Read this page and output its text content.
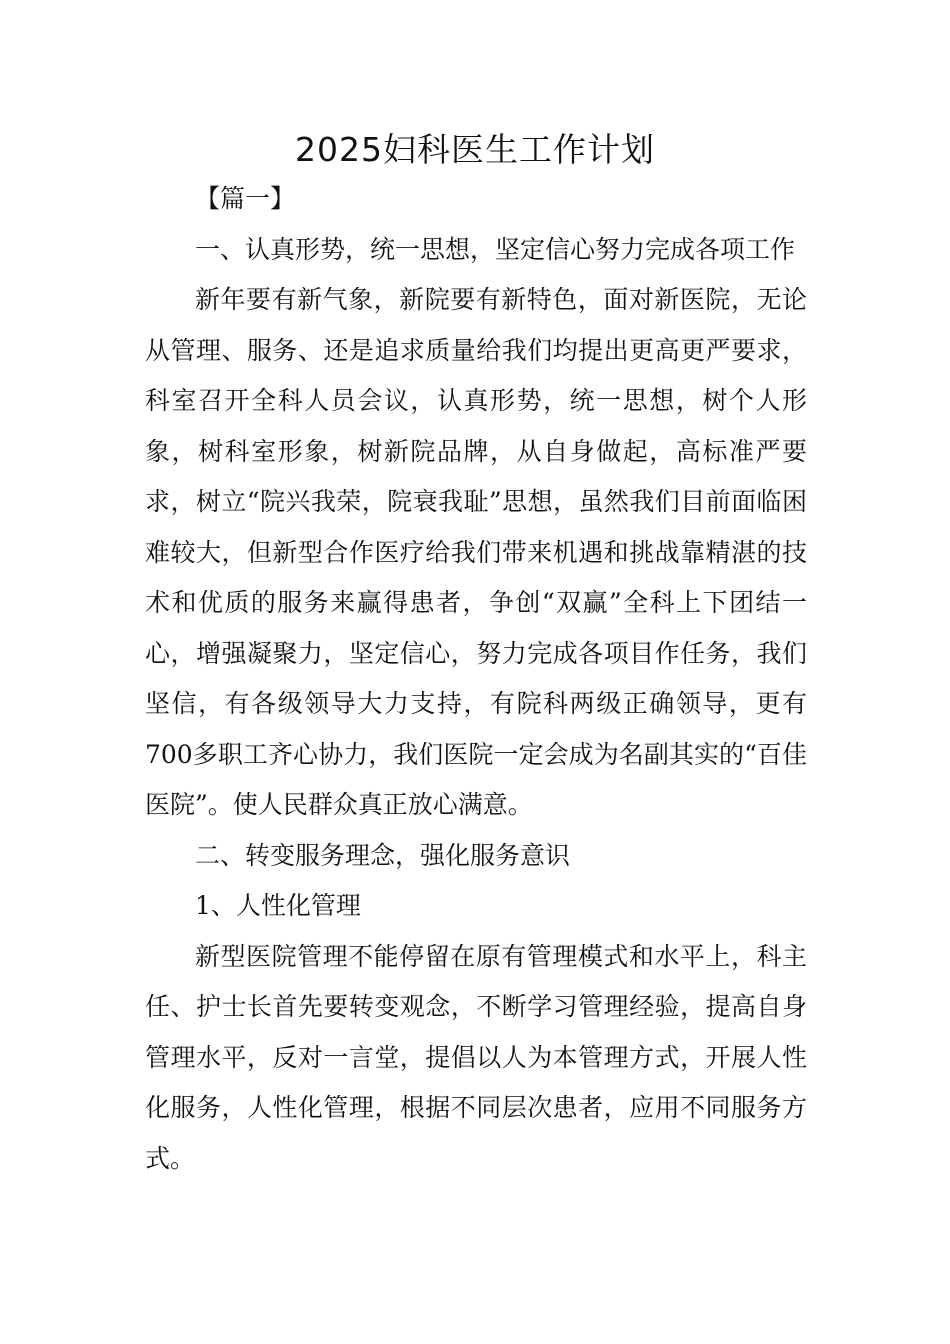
2025妇科医生工作计划

【篇一】

一、认真形势，统一思想，坚定信心努力完成各项工作

新年要有新气象，新院要有新特色，面对新医院，无论从管理、服务、还是追求质量给我们均提出更高更严要求，科室召开全科人员会议，认真形势，统一思想，树个人形象，树科室形象，树新院品牌，从自身做起，高标准严要求，树立“院兴我荣，院衰我耻”思想，虽然我们目前面临困难较大，但新型合作医疗给我们带来机遇和挑战靠精湛的技术和优质的服务来赢得患者，争创“双赢”全科上下团结一心，增强凝聚力，坚定信心，努力完成各项目作任务，我们坚信，有各级领导大力支持，有院科两级正确领导，更有700多职工齐心协力，我们医院一定会成为名副其实的“百佳医院”。使人民群众真正放心满意。

二、转变服务理念，强化服务意识

1、人性化管理

新型医院管理不能停留在原有管理模式和水平上，科主任、护士长首先要转变观念，不断学习管理经验，提高自身管理水平，反对一言堂，提倡以人为本管理方式，开展人性化服务，人性化管理，根据不同层次患者，应用不同服务方式。
